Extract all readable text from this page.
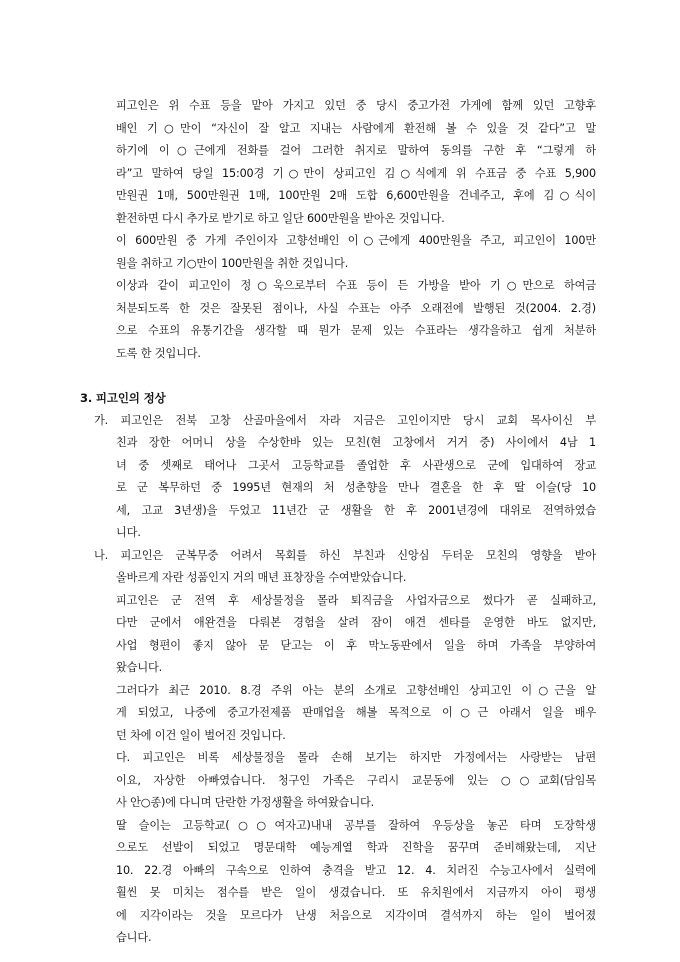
피고인은 위 수표 등을 맡아 가지고 있던 중 당시 중고가전 가게에 함께 있던 고향후
배인 기○만이 “자신이 잘 알고 지내는 사람에게 환전해 볼 수 있을 것 같다”고 말
하기에 이○근에게 전화를 걸어 그러한 취지로 말하여 동의를 구한 후 “그렇게 하
라”고 말하여 당일 15:00경 기○만이 상피고인 김○식에게 위 수표금 중 수표 5,900
만원권 1매, 500만원권 1매, 100만원 2매 도합 6,600만원을 건네주고, 후에 김○식이
환전하면 다시 추가로 받기로 하고 일단 600만원을 받아온 것입니다.
이 600만원 중 가게 주인이자 고향선배인 이○근에게 400만원을 주고, 피고인이 100만
원을 취하고 기○만이 100만원을 취한 것입니다.
이상과 같이 피고인이 정○욱으로부터 수표 등이 든 가방을 받아 기○만으로 하여금
처분되도록 한 것은 잘못된 점이나, 사실 수표는 아주 오래전에 발행된 것(2004. 2.경)
으로 수표의 유통기간을 생각할 때 뭔가 문제 있는 수표라는 생각을하고 쉽게 처분하
도록 한 것입니다.
3. 피고인의 정상
가. 피고인은 전북 고창 산골마을에서 자라 지금은 고인이지만 당시 교회 목사이신 부
친과 장한 어머니 상을 수상한바 있는 모친(현 고창에서 거거 중) 사이에서 4남 1
녀 중 셋째로 태어나 그곳서 고등학교를 졸업한 후 사관생으로 군에 입대하여 장교
로 군 복무하던 중 1995년 현재의 처 성춘향을 만나 결혼을 한 후 딸 이슬(당 10
세, 고교 3년생)을 두었고 11년간 군 생활을 한 후 2001년경에 대위로 전역하였습
니다.
나. 피고인은 군복무중 어려서 목회를 하신 부친과 신앙심 두터운 모친의 영향을 받아
올바르게 자란 성품인지 거의 매년 표창장을 수여받았습니다.
피고인은 군 전역 후 세상물정을 몰라 퇴직금을 사업자금으로 썼다가 곧 실패하고,
다만 군에서 애완견을 다뤄본 경험을 살려 잠이 애견 센타를 운영한 바도 없지만,
사업 형편이 좋지 않아 문 닫고는 이 후 막노동판에서 일을 하며 가족을 부양하여
왔습니다.
그러다가 최근 2010. 8.경 주위 아는 분의 소개로 고향선배인 상피고인 이○근을 알
게 되었고, 나중에 중고가전제품 판매업을 해볼 목적으로 이○근 아래서 일을 배우
던 차에 이건 일이 벌어진 것입니다.
다. 피고인은 비록 세상물정을 몰라 손해 보기는 하지만 가정에서는 사랑받는 남편
이요, 자상한 아빠였습니다. 청구인 가족은 구리시 교문동에 있는 ○○교회(담임목
사 안○종)에 다니며 단란한 가정생활을 하여왔습니다.
딸 슬이는 고등학교(○○여자고)내내 공부를 잘하여 우등상을 놓곤 타며 도장학생
으로도 선발이 되었고 명문대학 예능계열 학과 진학을 꿈꾸며 준비해왔는데, 지난
10. 22.경 아빠의 구속으로 인하여 충격을 받고 12. 4. 치러진 수능고사에서 실력에
훨씬 못 미치는 점수를 받은 일이 생겼습니다. 또 유치원에서 지금까지 아이 평생
에 지각이라는 것을 모르다가 난생 처음으로 지각이며 결석까지 하는 일이 벌어졌
습니다.
